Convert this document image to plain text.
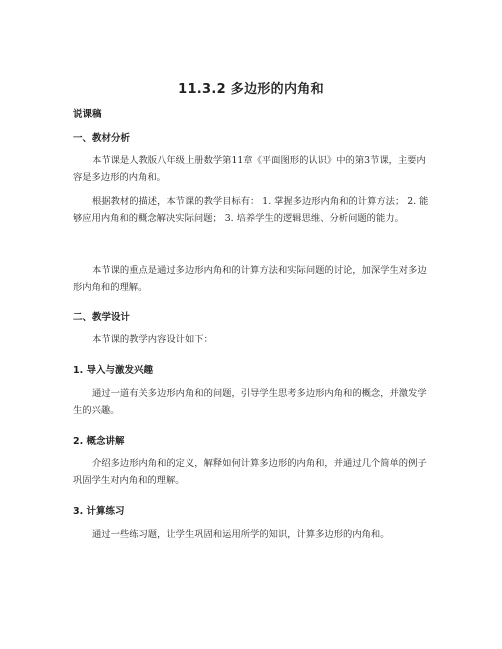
11.3.2 多边形的内角和
说课稿
一、教材分析
本节课是人教版八年级上册数学第11章《平面图形的认识》中的第3节课，主要内容是多边形的内角和。
根据教材的描述，本节课的教学目标有： 1. 掌握多边形内角和的计算方法； 2. 能够应用内角和的概念解决实际问题； 3. 培养学生的逻辑思维、分析问题的能力。
本节课的重点是通过多边形内角和的计算方法和实际问题的讨论，加深学生对多边形内角和的理解。
二、教学设计
本节课的教学内容设计如下：
1. 导入与激发兴趣
通过一道有关多边形内角和的问题，引导学生思考多边形内角和的概念，并激发学生的兴趣。
2. 概念讲解
介绍多边形内角和的定义，解释如何计算多边形的内角和，并通过几个简单的例子巩固学生对内角和的理解。
3. 计算练习
通过一些练习题，让学生巩固和运用所学的知识，计算多边形的内角和。
